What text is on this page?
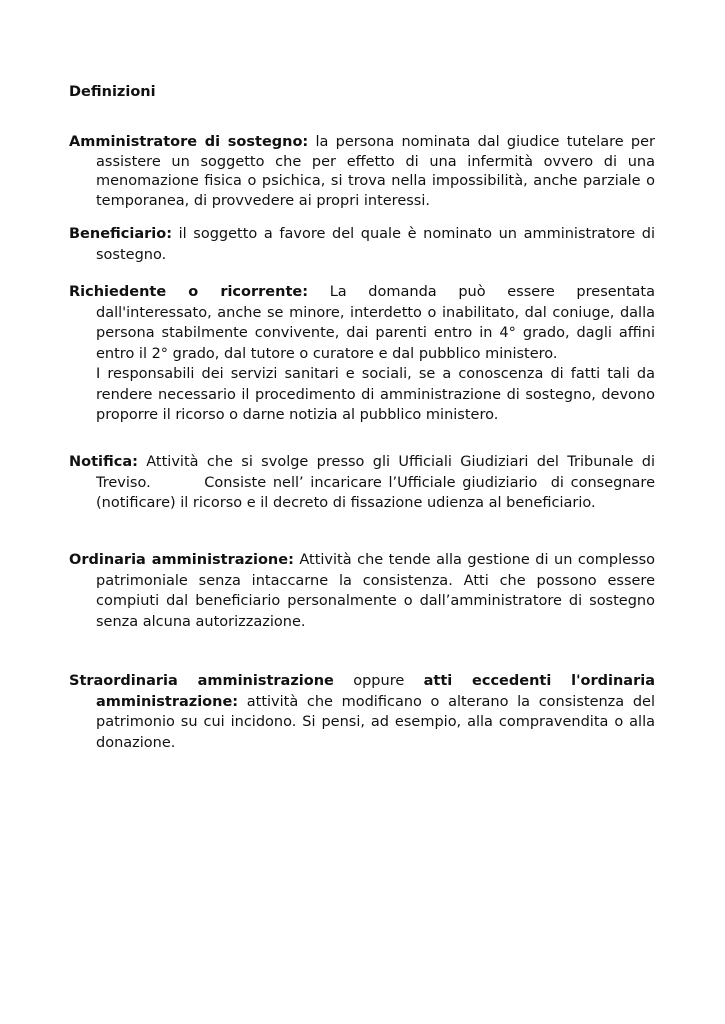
Definizioni

Amministratore di sostegno: la persona nominata dal giudice tutelare per assistere un soggetto che per effetto di una infermità ovvero di una menomazione fisica o psichica, si trova nella impossibilità, anche parziale o temporanea, di provvedere ai propri interessi.

Beneficiario: il soggetto a favore del quale è nominato un amministratore di sostegno.

Richiedente o ricorrente: La domanda può essere presentata dall'interessato, anche se minore, interdetto o inabilitato, dal coniuge, dalla persona stabilmente convivente, dai parenti entro in 4° grado, dagli affini entro il 2° grado, dal tutore o curatore e dal pubblico ministero.

I responsabili dei servizi sanitari e sociali, se a conoscenza di fatti tali da rendere necessario il procedimento di amministrazione di sostegno, devono proporre il ricorso o darne notizia al pubblico ministero.

Notifica: Attività che si svolge presso gli Ufficiali Giudiziari del Tribunale di Treviso.        Consiste nell’ incaricare l’Ufficiale giudiziario  di consegnare (notificare) il ricorso e il decreto di fissazione udienza al beneficiario.

Ordinaria amministrazione: Attività che tende alla gestione di un complesso patrimoniale senza intaccarne la consistenza. Atti che possono essere compiuti dal beneficiario personalmente o dall’amministratore di sostegno senza alcuna autorizzazione.

Straordinaria amministrazione oppure atti eccedenti l'ordinaria amministrazione: attività che modificano o alterano la consistenza del patrimonio su cui incidono. Si pensi, ad esempio, alla compravendita o alla donazione.
